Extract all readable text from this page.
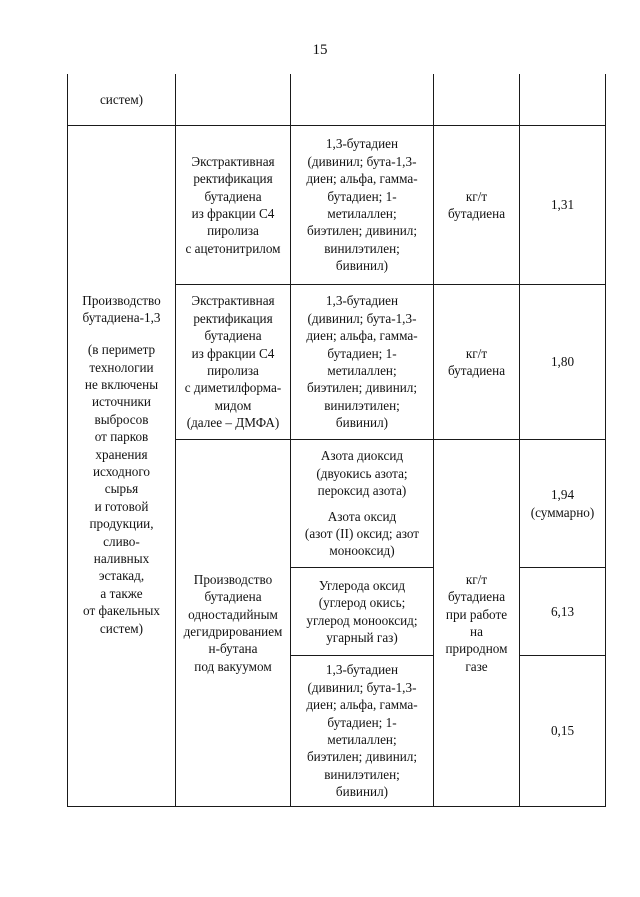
15
систем)
Производство
бутадиена-1,3
(в периметр
технологии
не включены
источники
выбросов
от парков
хранения
исходного
сырья
и готовой
продукции,
сливо-
наливных
эстакад,
а также
от факельных
систем)
Экстрактивная
ректификация
бутадиена
из фракции С4
пиролиза
с ацетонитрилом
1,3-бутадиен
(дивинил; бута-1,3-
диен; альфа, гамма-
бутадиен; 1-
метилаллен;
биэтилен; дивинил;
винилэтилен;
бивинил)
кг/т
бутадиена
1,31
Экстрактивная
ректификация
бутадиена
из фракции С4
пиролиза
с диметилформа-
мидом
(далее – ДМФА)
1,3-бутадиен
(дивинил; бута-1,3-
диен; альфа, гамма-
бутадиен; 1-
метилаллен;
биэтилен; дивинил;
винилэтилен;
бивинил)
кг/т
бутадиена
1,80
Производство
бутадиена
одностадийным
дегидрированием
н-бутана
под вакуумом
кг/т
бутадиена
при работе
на
природном
газе
Азота диоксид
(двуокись азота;
пероксид азота)
Азота оксид
(азот (II) оксид; азот
монооксид)
1,94
(суммарно)
Углерода оксид
(углерод окись;
углерод монооксид;
угарный газ)
6,13
1,3-бутадиен
(дивинил; бута-1,3-
диен; альфа, гамма-
бутадиен; 1-
метилаллен;
биэтилен; дивинил;
винилэтилен;
бивинил)
0,15
